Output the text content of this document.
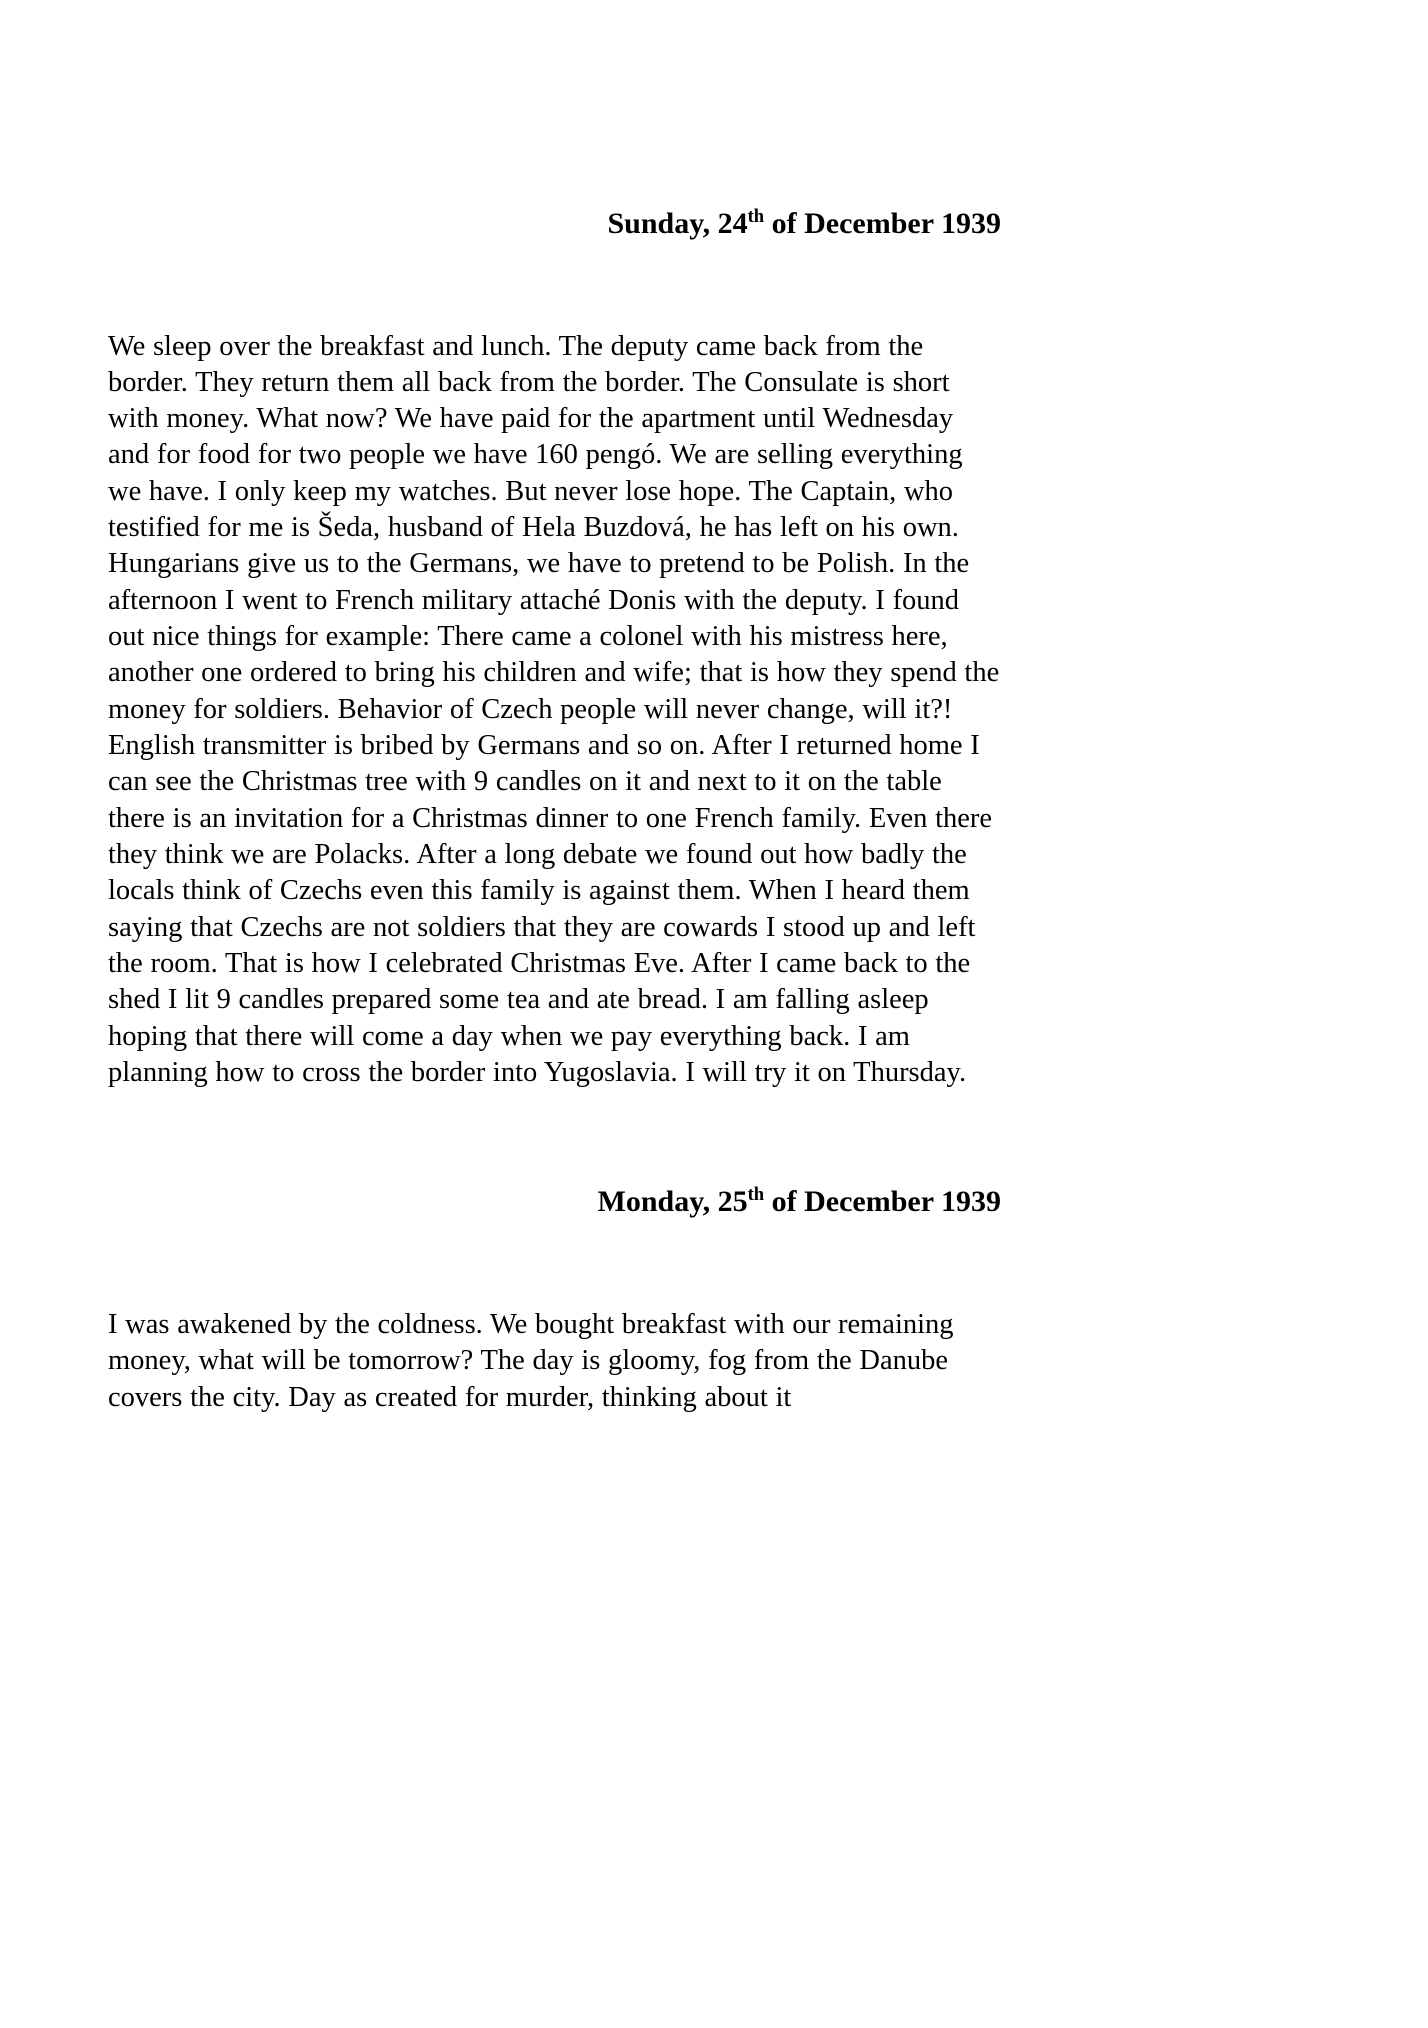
Sunday, 24th of December 1939

We sleep over the breakfast and lunch. The deputy came back from the border. They return them all back from the border. The Consulate is short with money. What now? We have paid for the apartment until Wednesday and for food for two people we have 160 pengó. We are selling everything we have. I only keep my watches. But never lose hope. The Captain, who testified for me is Šeda, husband of Hela Buzdová, he has left on his own. Hungarians give us to the Germans, we have to pretend to be Polish. In the afternoon I went to French military attaché Donis with the deputy. I found out nice things for example: There came a colonel with his mistress here, another one ordered to bring his children and wife; that is how they spend the money for soldiers. Behavior of Czech people will never change, will it?! English transmitter is bribed by Germans and so on. After I returned home I can see the Christmas tree with 9 candles on it and next to it on the table there is an invitation for a Christmas dinner to one French family. Even there they think we are Polacks. After a long debate we found out how badly the locals think of Czechs even this family is against them. When I heard them saying that Czechs are not soldiers that they are cowards I stood up and left the room. That is how I celebrated Christmas Eve. After I came back to the shed I lit 9 candles prepared some tea and ate bread. I am falling asleep hoping that there will come a day when we pay everything back. I am planning how to cross the border into Yugoslavia. I will try it on Thursday.

Monday, 25th of December 1939

I was awakened by the coldness. We bought breakfast with our remaining money, what will be tomorrow? The day is gloomy, fog from the Danube covers the city. Day as created for murder, thinking about it
